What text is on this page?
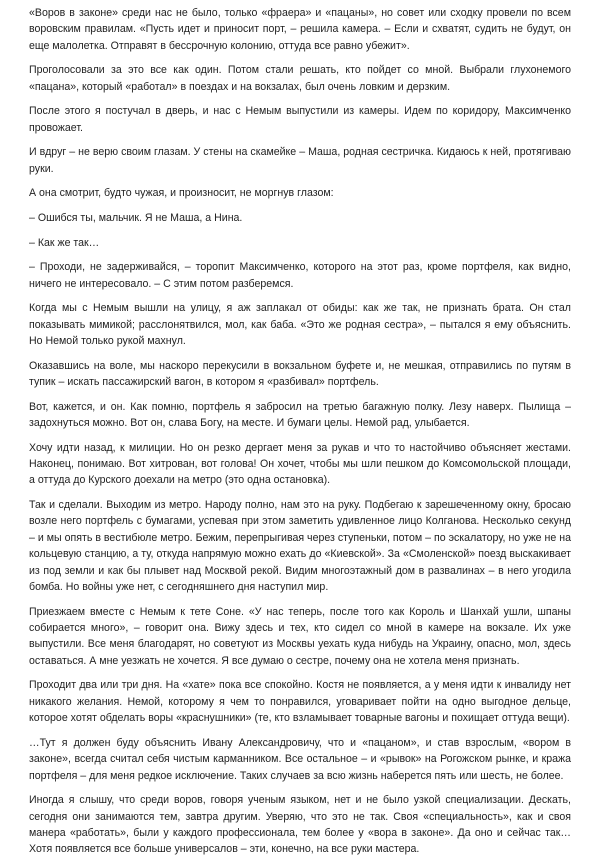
«Воров в законе» среди нас не было, только «фраера» и «пацаны», но совет или сходку провели по всем воровским правилам. «Пусть идет и приносит порт, – решила камера. – Если и схватят, судить не будут, он еще малолетка. Отправят в бессрочную колонию, оттуда все равно убежит».

Проголосовали за это все как один. Потом стали решать, кто пойдет со мной. Выбрали глухонемого «пацана», который «работал» в поездах и на вокзалах, был очень ловким и дерзким.

После этого я постучал в дверь, и нас с Немым выпустили из камеры. Идем по коридору, Максимченко провожает.

И вдруг – не верю своим глазам. У стены на скамейке – Маша, родная сестричка. Кидаюсь к ней, протягиваю руки.

А она смотрит, будто чужая, и произносит, не моргнув глазом:

– Ошибся ты, мальчик. Я не Маша, а Нина.

– Как же так…

– Проходи, не задерживайся, – торопит Максимченко, которого на этот раз, кроме портфеля, как видно, ничего не интересовало. – С этим потом разберемся.

Когда мы с Немым вышли на улицу, я аж заплакал от обиды: как же так, не признать брата. Он стал показывать мимикой; расслонятвился, мол, как баба. «Это же родная сестра», – пытался я ему объяснить. Но Немой только рукой махнул.

Оказавшись на воле, мы наскоро перекусили в вокзальном буфете и, не мешкая, отправились по путям в тупик – искать пассажирский вагон, в котором я «разбивал» портфель.

Вот, кажется, и он. Как помню, портфель я забросил на третью багажную полку. Лезу наверх. Пылища – задохнуться можно. Вот он, слава Богу, на месте. И бумаги целы. Немой рад, улыбается.

Хочу идти назад, к милиции. Но он резко дергает меня за рукав и что то настойчиво объясняет жестами. Наконец, понимаю. Вот хитрован, вот голова! Он хочет, чтобы мы шли пешком до Комсомольской площади, а оттуда до Курского доехали на метро (это одна остановка).

Так и сделали. Выходим из метро. Народу полно, нам это на руку. Подбегаю к зарешеченному окну, бросаю возле него портфель с бумагами, успевая при этом заметить удивленное лицо Колганова. Несколько секунд – и мы опять в вестибюле метро. Бежим, перепрыгивая через ступеньки, потом – по эскалатору, но уже не на кольцевую станцию, а ту, откуда напрямую можно ехать до «Киевской». За «Смоленской» поезд выскакивает из под земли и как бы плывет над Москвой рекой. Видим многоэтажный дом в развалинах – в него угодила бомба. Но войны уже нет, с сегодняшнего дня наступил мир.

Приезжаем вместе с Немым к тете Соне. «У нас теперь, после того как Король и Шанхай ушли, шпаны собирается много», – говорит она. Вижу здесь и тех, кто сидел со мной в камере на вокзале. Их уже выпустили. Все меня благодарят, но советуют из Москвы уехать куда нибудь на Украину, опасно, мол, здесь оставаться. А мне уезжать не хочется. Я все думаю о сестре, почему она не хотела меня признать.

Проходит два или три дня. На «хате» пока все спокойно. Костя не появляется, а у меня идти к инвалиду нет никакого желания. Немой, которому я чем то понравился, уговаривает пойти на одно выгодное дельце, которое хотят обделать воры «краснушники» (те, кто взламывает товарные вагоны и похищает оттуда вещи).

…Тут я должен буду объяснить Ивану Александровичу, что и «пацаном», и став взрослым, «вором в законе», всегда считал себя чистым карманником. Все остальное – и «рывок» на Рогожском рынке, и кража портфеля – для меня редкое исключение. Таких случаев за всю жизнь наберется пять или шесть, не более.

Иногда я слышу, что среди воров, говоря ученым языком, нет и не было узкой специализации. Дескать, сегодня они занимаются тем, завтра другим. Уверяю, что это не так. Своя «специальность», как и своя манера «работать», были у каждого профессионала, тем более у «вора в законе». Да оно и сейчас так… Хотя появляется все больше универсалов – эти, конечно, на все руки мастера.
